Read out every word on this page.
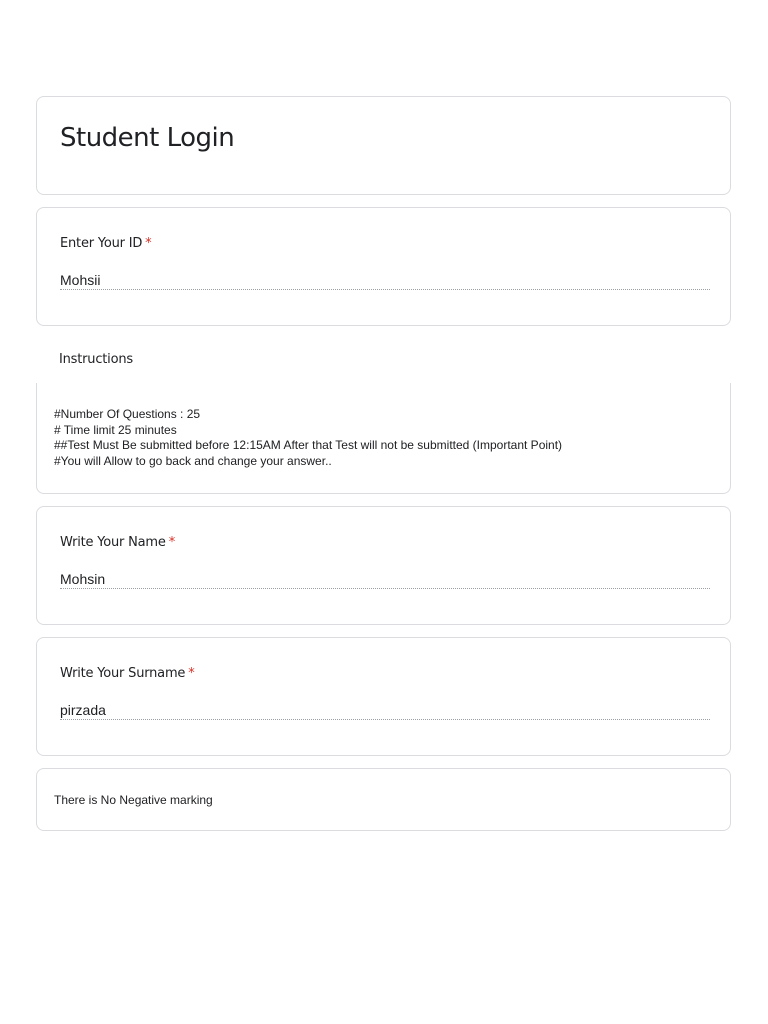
Student Login
Enter Your ID *
Mohsii
Instructions
#Number Of Questions : 25
# Time limit 25 minutes
##Test Must Be submitted before 12:15AM After that Test will not be submitted (Important Point)
#You will Allow to go back and change your answer..
Write Your Name *
Mohsin
Write Your Surname *
pirzada
There is No Negative marking
